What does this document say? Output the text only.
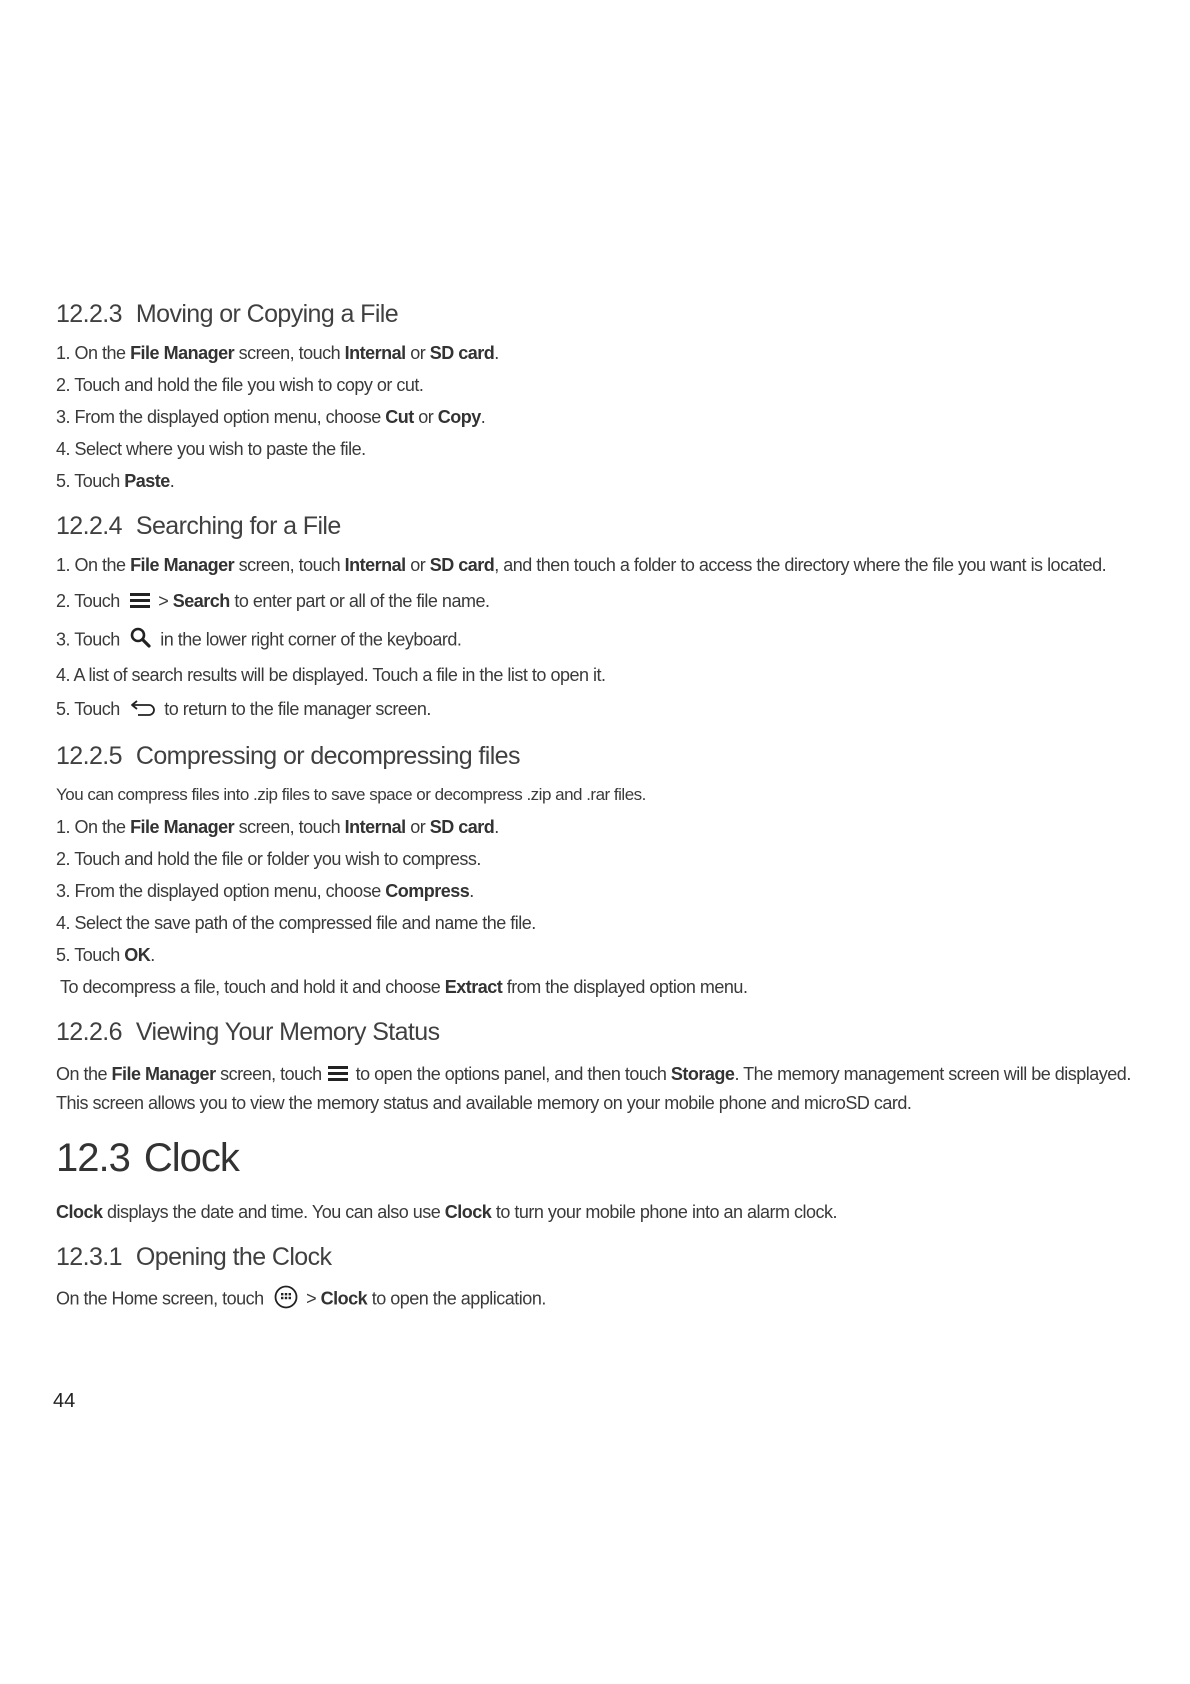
12.2.3 Moving or Copying a File
1. On the File Manager screen, touch Internal or SD card.
2. Touch and hold the file you wish to copy or cut.
3. From the displayed option menu, choose Cut or Copy.
4. Select where you wish to paste the file.
5. Touch Paste.
12.2.4 Searching for a File
1. On the File Manager screen, touch Internal or SD card, and then touch a folder to access the directory where the file you want is located.
2. Touch > Search to enter part or all of the file name.
3. Touch in the lower right corner of the keyboard.
4. A list of search results will be displayed. Touch a file in the list to open it.
5. Touch to return to the file manager screen.
12.2.5 Compressing or decompressing files
You can compress files into .zip files to save space or decompress .zip and .rar files.
1. On the File Manager screen, touch Internal or SD card.
2. Touch and hold the file or folder you wish to compress.
3. From the displayed option menu, choose Compress.
4. Select the save path of the compressed file and name the file.
5. Touch OK.
To decompress a file, touch and hold it and choose Extract from the displayed option menu.
12.2.6 Viewing Your Memory Status
On the File Manager screen, touch to open the options panel, and then touch Storage. The memory management screen will be displayed. This screen allows you to view the memory status and available memory on your mobile phone and microSD card.
12.3 Clock
Clock displays the date and time. You can also use Clock to turn your mobile phone into an alarm clock.
12.3.1 Opening the Clock
On the Home screen, touch > Clock to open the application.
44
